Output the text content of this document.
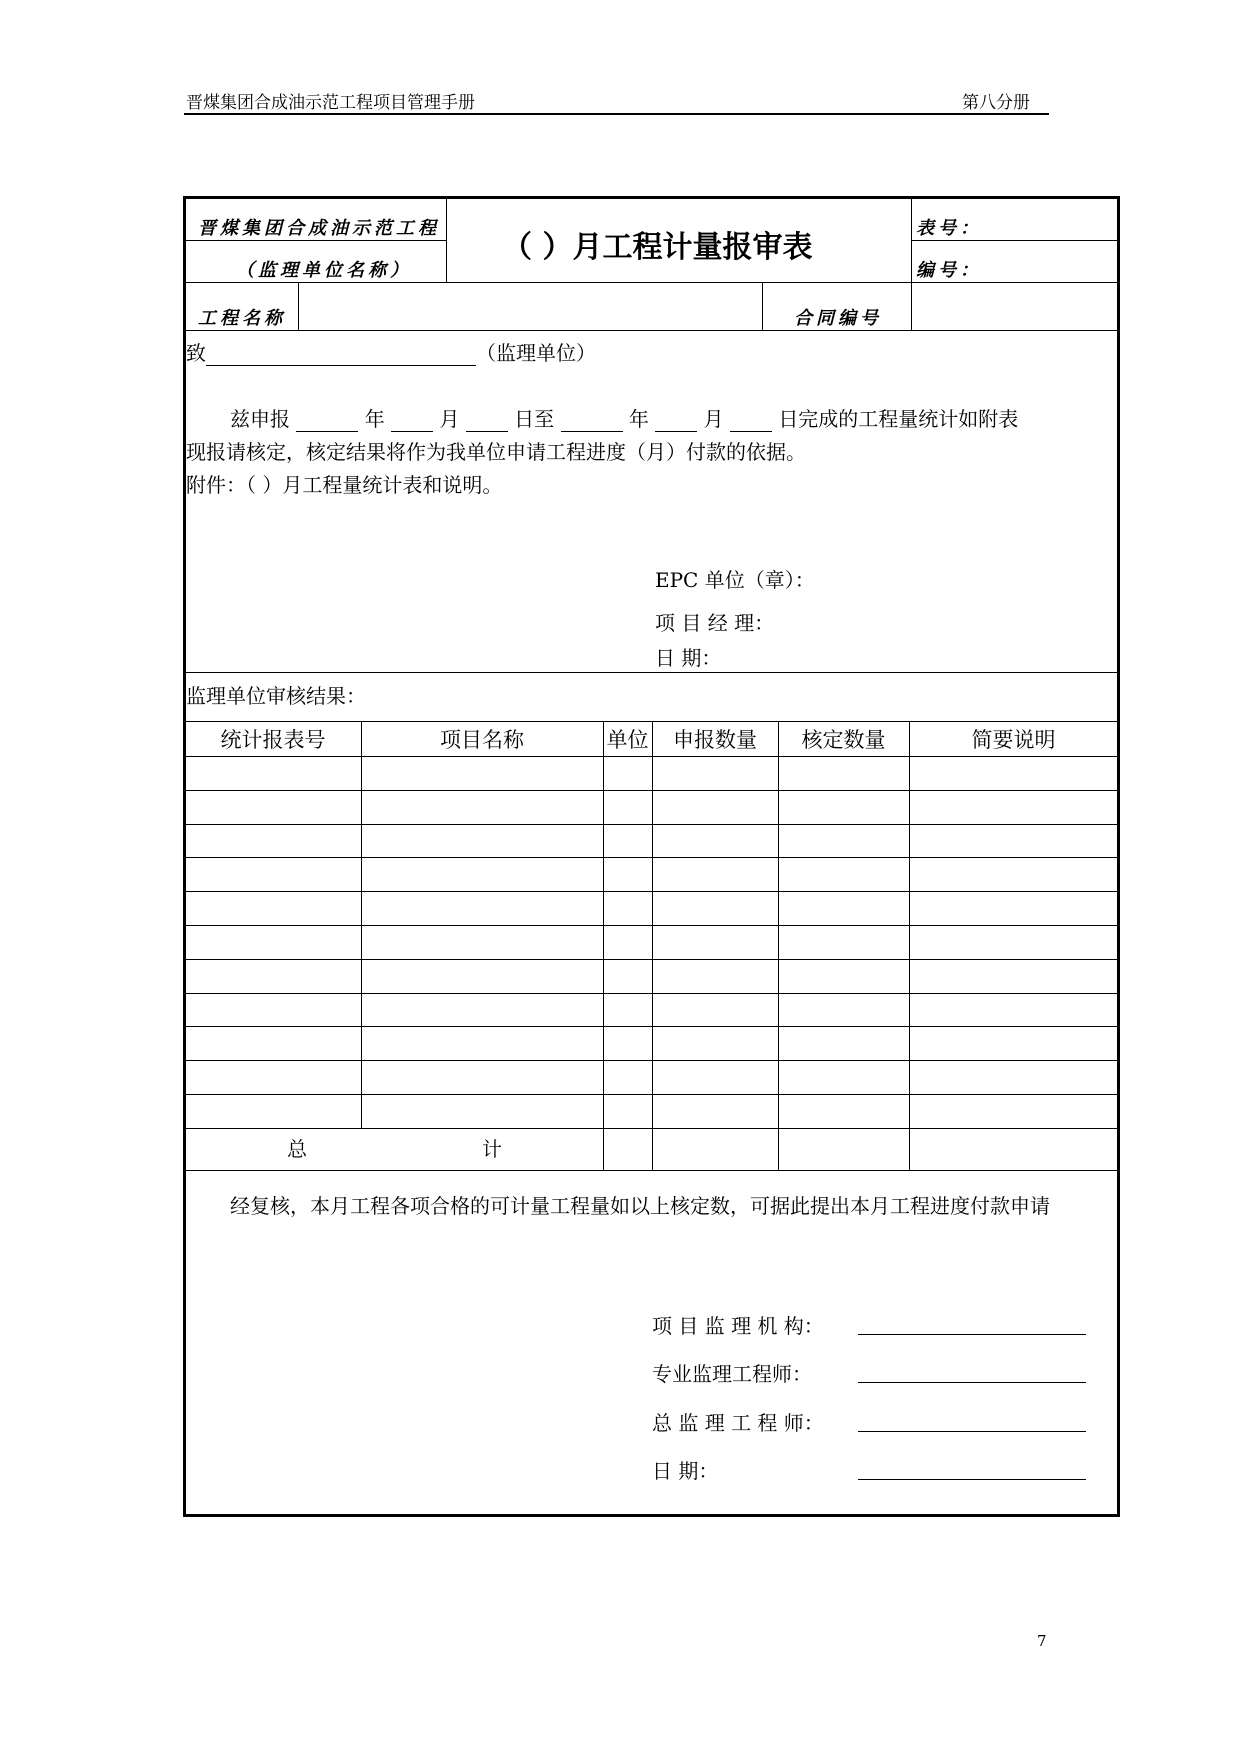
晋煤集团合成油示范工程项目管理手册	第八分册
晋煤集团合成油示范工程
（监理单位名称）
（ ）月工程计量报审表
表号：
编号：
工程名称	合同编号
致	（监理单位）
兹申报	年	月	日至	年	月	日完成的工程量统计如附表
现报请核定，核定结果将作为我单位申请工程进度（月）付款的依据。
附件：（ ）月工程量统计表和说明。
EPC 单位（章）：
项 目 经 理：
日 期：
监理单位审核结果：
统计报表号	项目名称	单位	申报数量	核定数量	简要说明
总	计
经复核，本月工程各项合格的可计量工程量如以上核定数，可据此提出本月工程进度付款申请
项 目 监 理 机 构：
专业监理工程师：
总 监 理 工 程 师：
日 期：
7
